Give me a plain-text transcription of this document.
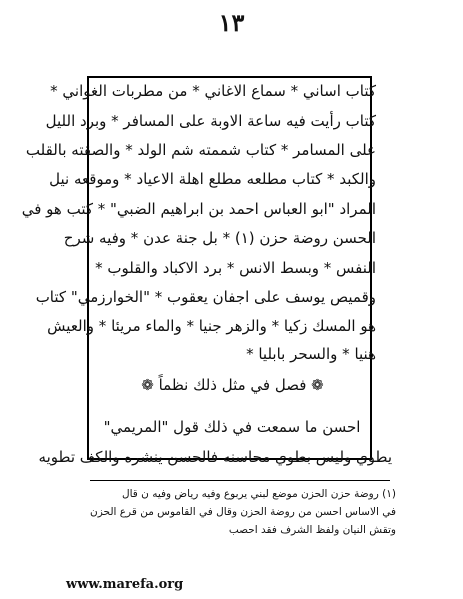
١٣
كتاب اساني * سماع الاغاني * من مطربات الغواني *
كتاب رأيت فيه ساعة الاوبة على المسافر * وبرد الليل
على المسامر * كتاب شممته شم الولد * والصقته بالقلب
والكبد * كتاب مطلعه مطلع اهلة الاعياد * وموقعه نيل
المراد "ابو العباس احمد بن ابراهيم الضبي" * كتب هو في
الحسن روضة حزن (١) * بل جنة عدن * وفيه شرح
النفس * وبسط الانس * برد الاكباد والقلوب *
وقميص يوسف على اجفان يعقوب * "الخوارزمي" كتاب
هو المسك زكيا * والزهر جنيا * والماء مريئا * والعيش
هنيا * والسحر بابليا *
❁ فصل في مثل ذلك نظماً ❁
احسن ما سمعت في ذلك قول "المريمي"
يطوي وليس بطوي محاسنه فالحسن ينشره والكف تطويه
(١) روضة حزن الحزن موضع لبني يربوع وفيه رياض وفيه ن قال
في الاساس احسن من روضة الحزن وقال في القاموس من قرع الحزن
وتقش النيان ولفظ الشرف فقد احصب
www.marefa.org
